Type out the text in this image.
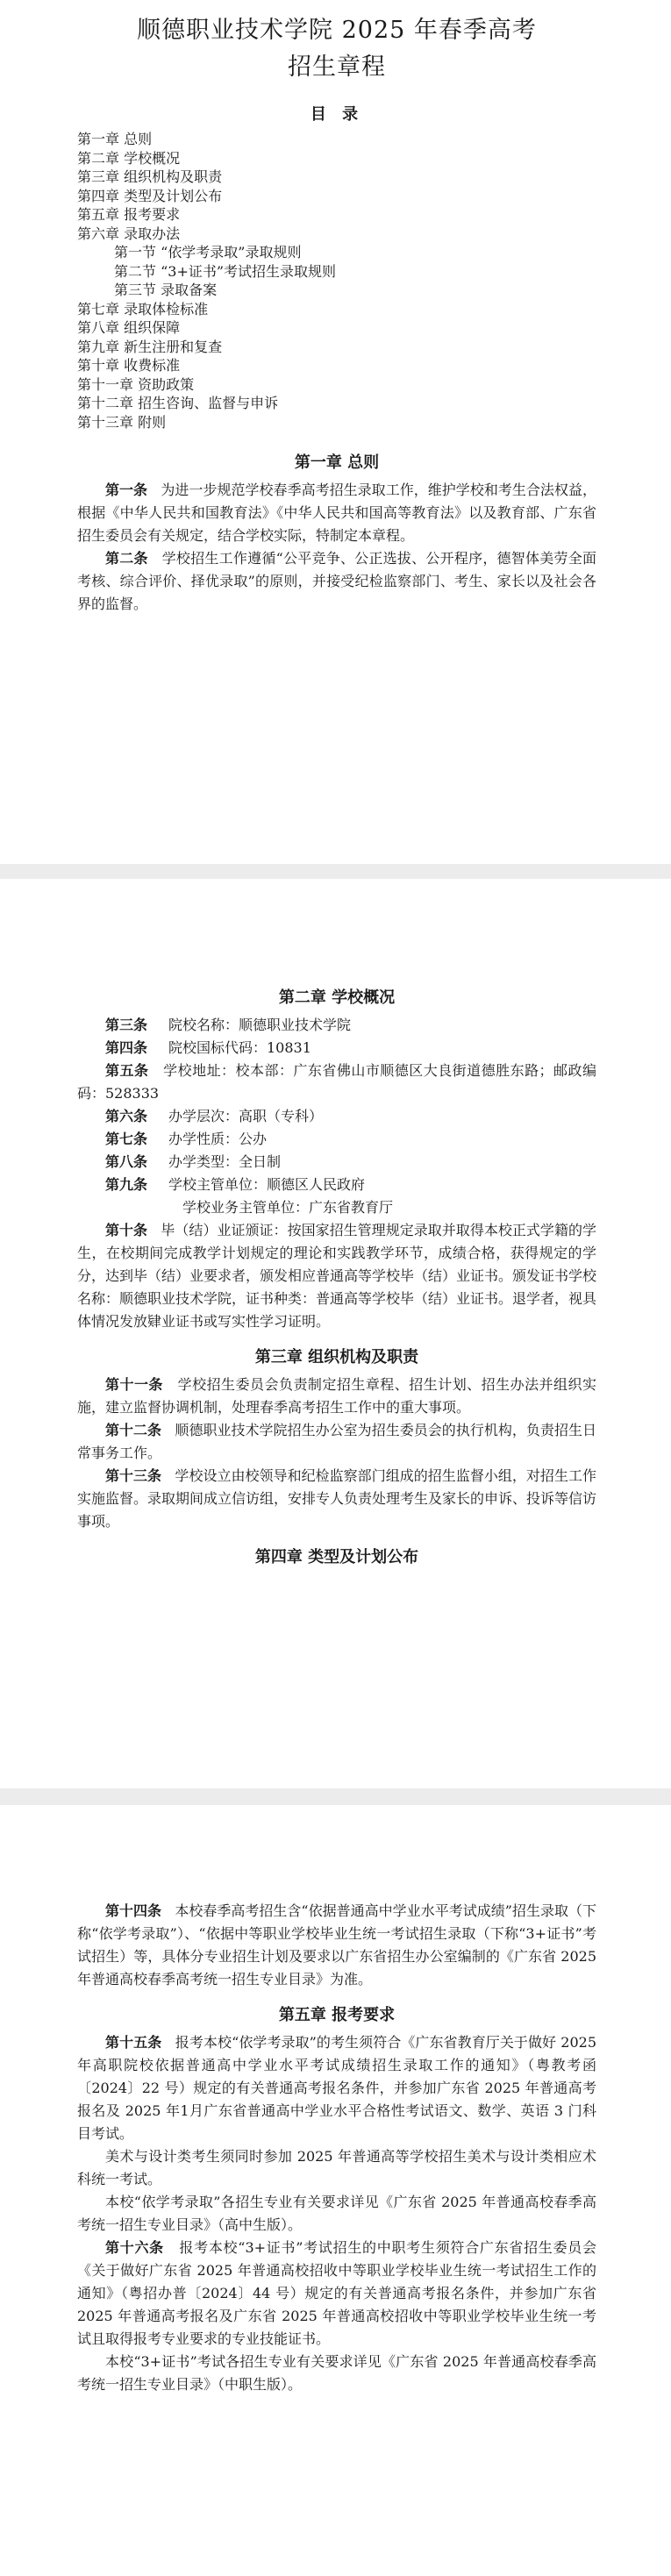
顺德职业技术学院 2025 年春季高考
招生章程
目 录
第一章 总则
第二章 学校概况
第三章 组织机构及职责
第四章 类型及计划公布
第五章 报考要求
第六章 录取办法
第一节 “依学考录取”录取规则
第二节 “3+证书”考试招生录取规则
第三节 录取备案
第七章 录取体检标准
第八章 组织保障
第九章 新生注册和复查
第十章 收费标准
第十一章 资助政策
第十二章 招生咨询、监督与申诉
第十三章 附则
第一章 总则

第一条 为进一步规范学校春季高考招生录取工作，维护学校和考生合法权益，根据《中华人民共和国教育法》《中华人民共和国高等教育法》以及教育部、广东省招生委员会有关规定，结合学校实际，特制定本章程。

第二条 学校招生工作遵循“公平竞争、公正选拔、公开程序，德智体美劳全面考核、综合评价、择优录取”的原则，并接受纪检监察部门、考生、家长以及社会各界的监督。

第二章 学校概况
第三条 院校名称：顺德职业技术学院
第四条 院校国标代码：10831

第五条 学校地址：校本部：广东省佛山市顺德区大良街道德胜东路；邮政编码：528333

第六条 办学层次：高职（专科）
第七条 办学性质：公办
第八条 办学类型：全日制
第九条 学校主管单位：顺德区人民政府
学校业务主管单位：广东省教育厅

第十条 毕（结）业证颁证：按国家招生管理规定录取并取得本校正式学籍的学生，在校期间完成教学计划规定的理论和实践教学环节，成绩合格，获得规定的学分，达到毕（结）业要求者，颁发相应普通高等学校毕（结）业证书。颁发证书学校名称：顺德职业技术学院，证书种类：普通高等学校毕（结）业证书。退学者，视具体情况发放肄业证书或写实性学习证明。

第三章 组织机构及职责

第十一条 学校招生委员会负责制定招生章程、招生计划、招生办法并组织实施，建立监督协调机制，处理春季高考招生工作中的重大事项。

第十二条 顺德职业技术学院招生办公室为招生委员会的执行机构，负责招生日常事务工作。

第十三条 学校设立由校领导和纪检监察部门组成的招生监督小组，对招生工作实施监督。录取期间成立信访组，安排专人负责处理考生及家长的申诉、投诉等信访事项。

第四章 类型及计划公布

第十四条 本校春季高考招生含“依据普通高中学业水平考试成绩”招生录取（下称“依学考录取”）、“依据中等职业学校毕业生统一考试招生录取（下称“3+证书”考试招生）等，具体分专业招生计划及要求以广东省招生办公室编制的《广东省 2025 年普通高校春季高考统一招生专业目录》为准。

第五章 报考要求

第十五条 报考本校“依学考录取”的考生须符合《广东省教育厅关于做好 2025 年高职院校依据普通高中学业水平考试成绩招生录取工作的通知》（粤教考函〔2024〕22 号）规定的有关普通高考报名条件，并参加广东省 2025 年普通高考报名及 2025 年1月广东省普通高中学业水平合格性考试语文、数学、英语 3 门科目考试。

美术与设计类考生须同时参加 2025 年普通高等学校招生美术与设计类相应术科统一考试。

本校“依学考录取”各招生专业有关要求详见《广东省 2025 年普通高校春季高考统一招生专业目录》（高中生版）。

第十六条 报考本校“3+证书”考试招生的中职考生须符合广东省招生委员会《关于做好广东省 2025 年普通高校招收中等职业学校毕业生统一考试招生工作的通知》（粤招办普〔2024〕44 号）规定的有关普通高考报名条件，并参加广东省 2025 年普通高考报名及广东省 2025 年普通高校招收中等职业学校毕业生统一考试且取得报考专业要求的专业技能证书。

本校“3+证书”考试各招生专业有关要求详见《广东省 2025 年普通高校春季高考统一招生专业目录》（中职生版）。
